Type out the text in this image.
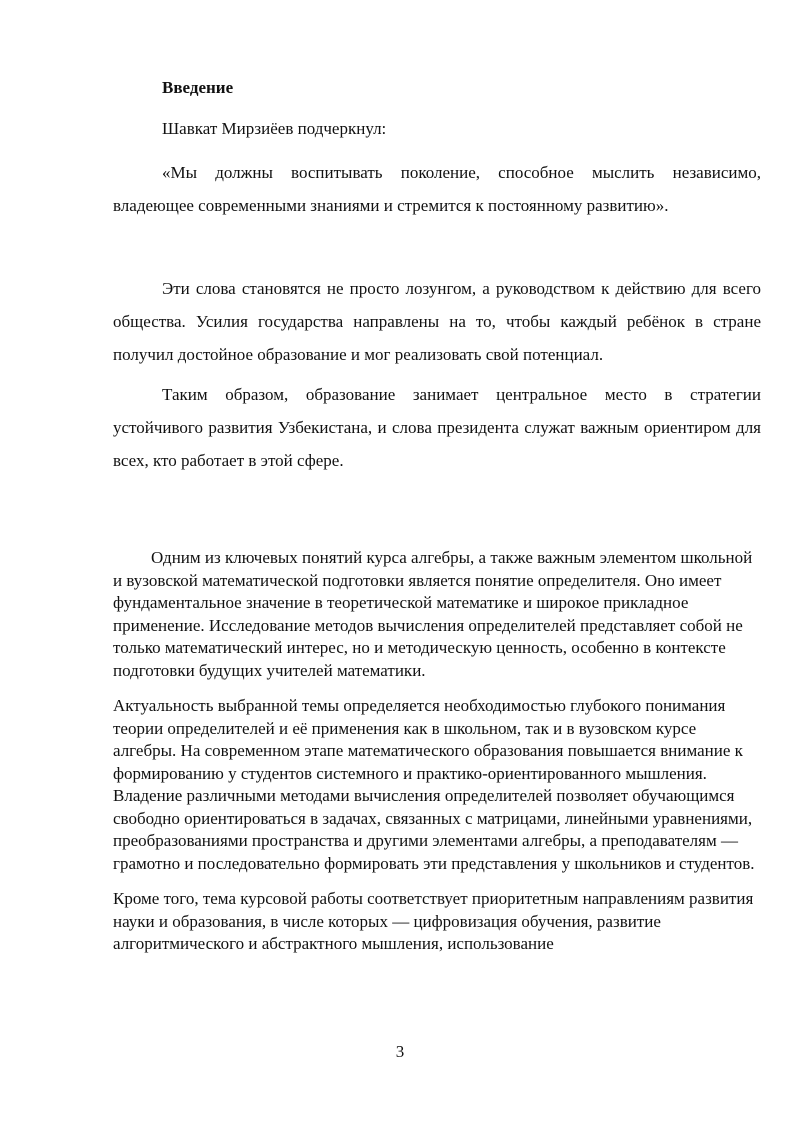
Введение

Шавкат Мирзиёев подчеркнул:

«Мы должны воспитывать поколение, способное мыслить независимо, владеющее современными знаниями и стремится к постоянному развитию».

Эти слова становятся не просто лозунгом, а руководством к действию для всего общества. Усилия государства направлены на то, чтобы каждый ребёнок в стране получил достойное образование и мог реализовать свой потенциал.

Таким образом, образование занимает центральное место в стратегии устойчивого развития Узбекистана, и слова президента служат важным ориентиром для всех, кто работает в этой сфере.

Одним из ключевых понятий курса алгебры, а также важным элементом школьной и вузовской математической подготовки является понятие определителя. Оно имеет фундаментальное значение в теоретической математике и широкое прикладное применение. Исследование методов вычисления определителей представляет собой не только математический интерес, но и методическую ценность, особенно в контексте подготовки будущих учителей математики.

Актуальность выбранной темы определяется необходимостью глубокого понимания теории определителей и её применения как в школьном, так и в вузовском курсе алгебры. На современном этапе математического образования повышается внимание к формированию у студентов системного и практико-ориентированного мышления. Владение различными методами вычисления определителей позволяет обучающимся свободно ориентироваться в задачах, связанных с матрицами, линейными уравнениями, преобразованиями пространства и другими элементами алгебры, а преподавателям — грамотно и последовательно формировать эти представления у школьников и студентов.

Кроме того, тема курсовой работы соответствует приоритетным направлениям развития науки и образования, в числе которых — цифровизация обучения, развитие алгоритмического и абстрактного мышления, использование

3
